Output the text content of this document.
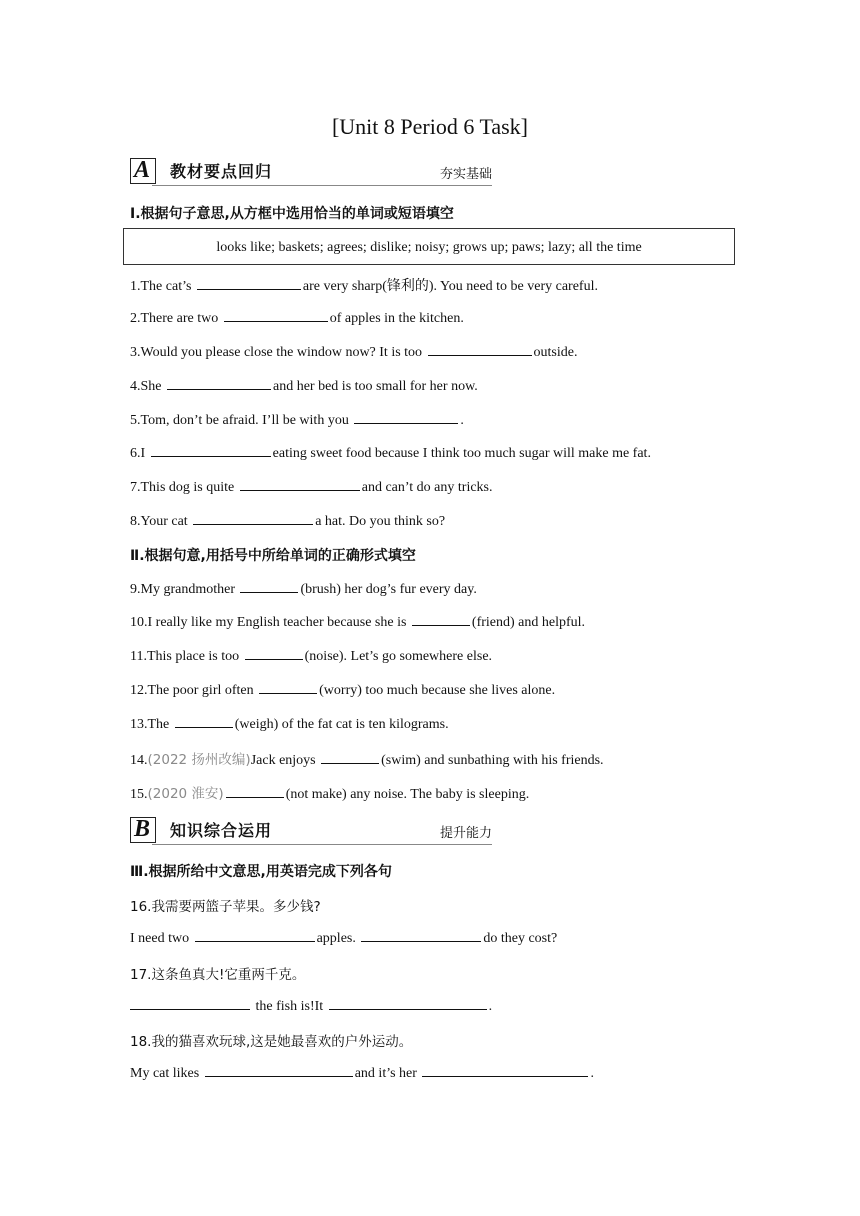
[Unit 8 Period 6 Task]
A 教材要点回归	夯实基础
Ⅰ.根据句子意思,从方框中选用恰当的单词或短语填空
looks like; baskets; agrees; dislike; noisy; grows up; paws; lazy; all the time
1.The cat’s	are very sharp(锋利的). You need to be very careful.
2.There are two	of apples in the kitchen.
3.Would you please close the window now? It is too	outside.
4.She	and her bed is too small for her now.
5.Tom, don’t be afraid. I’ll be with you	.
6.I	eating sweet food because I think too much sugar will make me fat.
7.This dog is quite	and can’t do any tricks.
8.Your cat	a hat. Do you think so?
Ⅱ.根据句意,用括号中所给单词的正确形式填空
9.My grandmother	(brush) her dog’s fur every day.
10.I really like my English teacher because she is	(friend) and helpful.
11.This place is too	(noise). Let’s go somewhere else.
12.The poor girl often	(worry) too much because she lives alone.
13.The	(weigh) of the fat cat is ten kilograms.
14.(2022 扬州改编)Jack enjoys	(swim) and sunbathing with his friends.
15.(2020 淮安)	(not make) any noise. The baby is sleeping.
B 知识综合运用	提升能力
Ⅲ.根据所给中文意思,用英语完成下列各句
16.我需要两篮子苹果。多少钱?
I need two	apples.	do they cost?
17.这条鱼真大!它重两千克。
the fish is!It	.
18.我的猫喜欢玩球,这是她最喜欢的户外运动。
My cat likes	and it’s her	.
